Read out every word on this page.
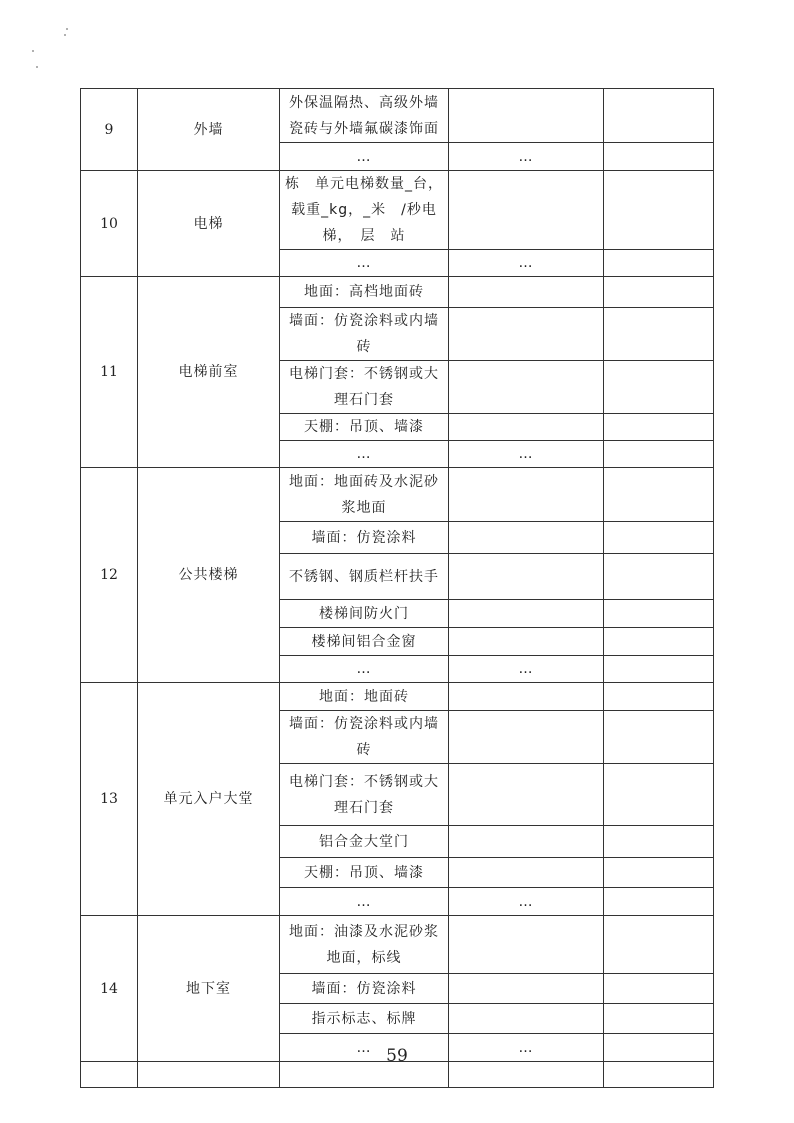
9	外墙	外保温隔热、高级外墙瓷砖与外墙氟碳漆饰面		
		…	…	
10	电梯	栋　单元电梯数量_台，载重_kg，_米　/秒电梯，　层　站		
		…	…	
11	电梯前室	地面：高档地面砖		
		墙面：仿瓷涂料或内墙砖		
		电梯门套：不锈钢或大理石门套		
		天棚：吊顶、墙漆		
		…	…	
12	公共楼梯	地面：地面砖及水泥砂浆地面		
		墙面：仿瓷涂料		
		不锈钢、钢质栏杆扶手		
		楼梯间防火门		
		楼梯间铝合金窗		
		…	…	
13	单元入户大堂	地面：地面砖		
		墙面：仿瓷涂料或内墙砖		
		电梯门套：不锈钢或大理石门套		
		铝合金大堂门		
		天棚：吊顶、墙漆		
		…	…	
14	地下室	地面：油漆及水泥砂浆地面，标线		
		墙面：仿瓷涂料		
		指示标志、标牌		
		…	…	

59
